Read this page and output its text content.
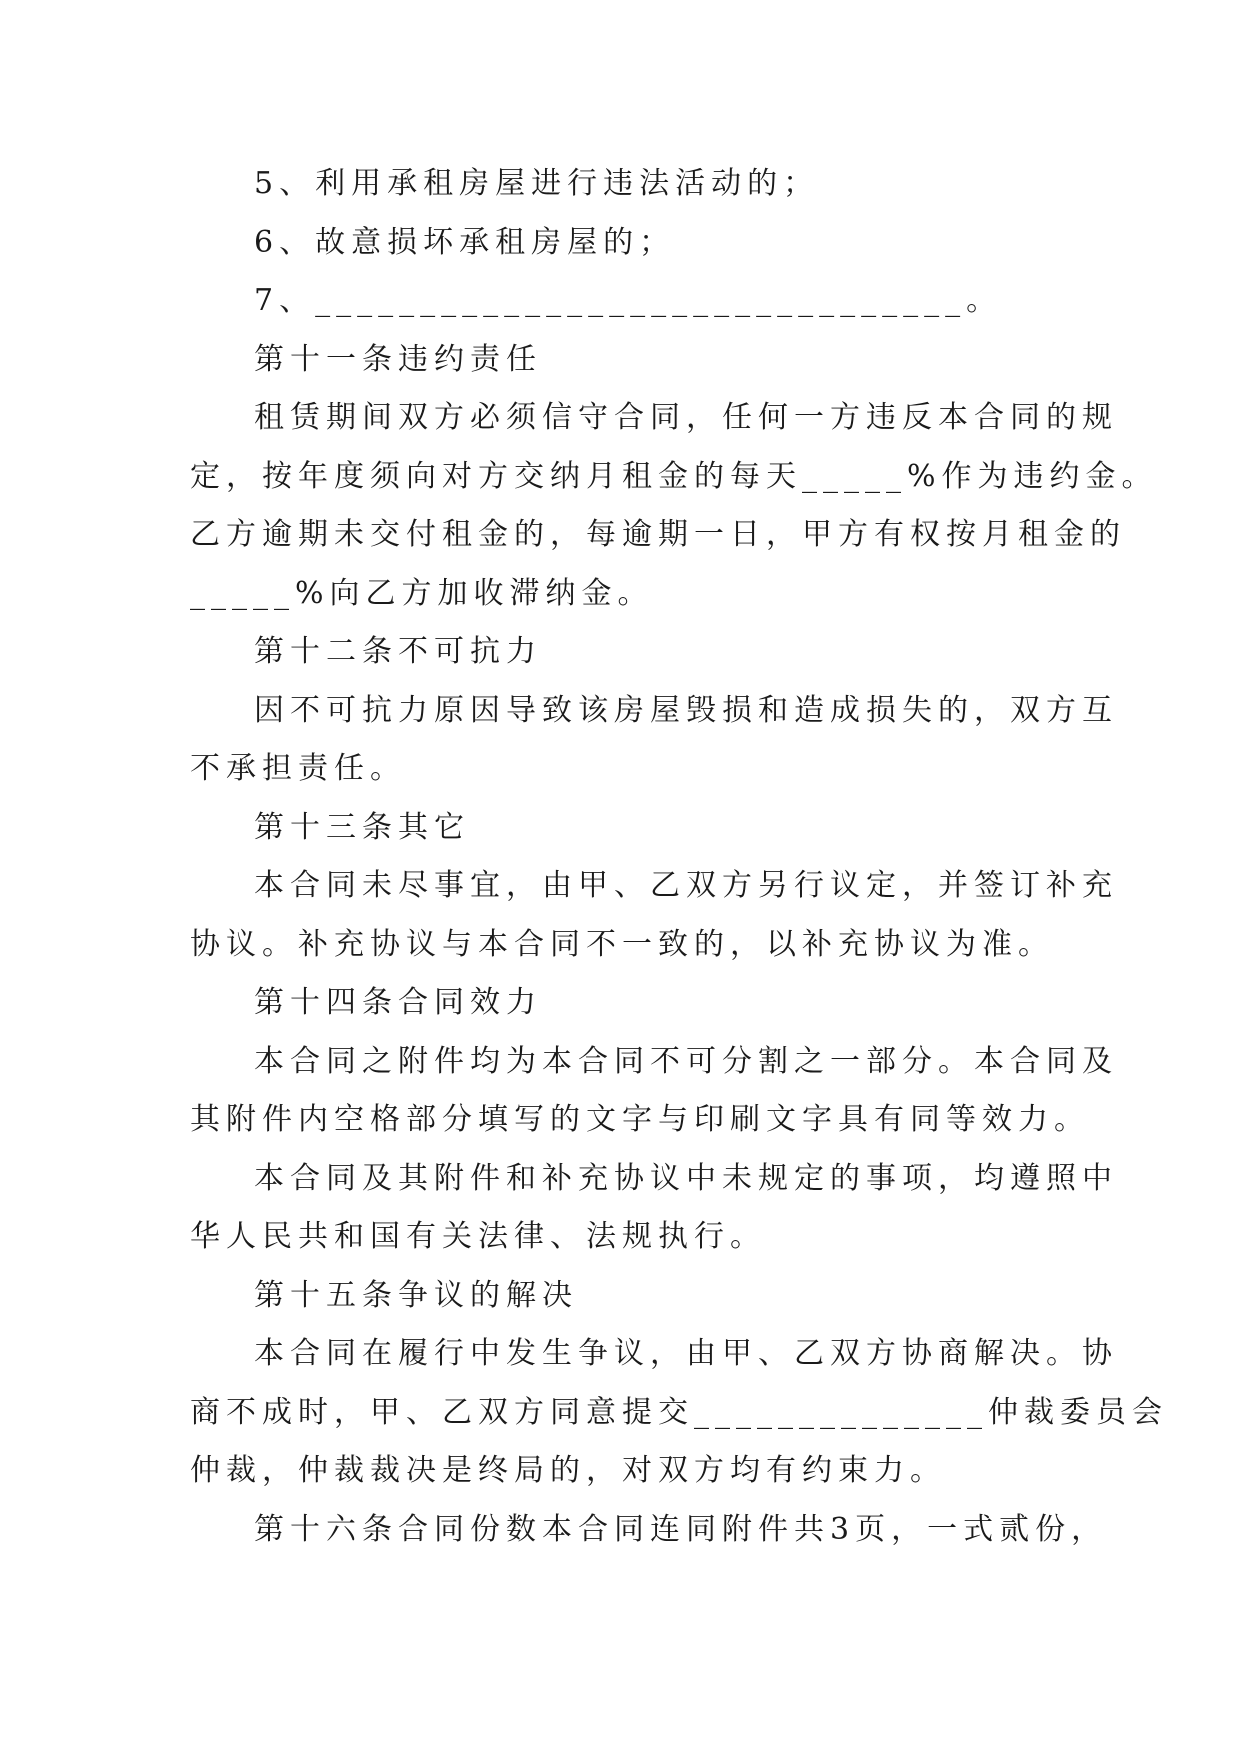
5、利用承租房屋进行违法活动的；
6、故意损坏承租房屋的；
7、_______________________________。
第十一条违约责任
租赁期间双方必须信守合同，任何一方违反本合同的规
定，按年度须向对方交纳月租金的每天_____%作为违约金。
乙方逾期未交付租金的，每逾期一日，甲方有权按月租金的
_____%向乙方加收滞纳金。
第十二条不可抗力
因不可抗力原因导致该房屋毁损和造成损失的，双方互
不承担责任。
第十三条其它
本合同未尽事宜，由甲、乙双方另行议定，并签订补充
协议。补充协议与本合同不一致的，以补充协议为准。
第十四条合同效力
本合同之附件均为本合同不可分割之一部分。本合同及
其附件内空格部分填写的文字与印刷文字具有同等效力。
本合同及其附件和补充协议中未规定的事项，均遵照中
华人民共和国有关法律、法规执行。
第十五条争议的解决
本合同在履行中发生争议，由甲、乙双方协商解决。协
商不成时，甲、乙双方同意提交______________仲裁委员会
仲裁，仲裁裁决是终局的，对双方均有约束力。
第十六条合同份数本合同连同附件共3页，一式贰份，
